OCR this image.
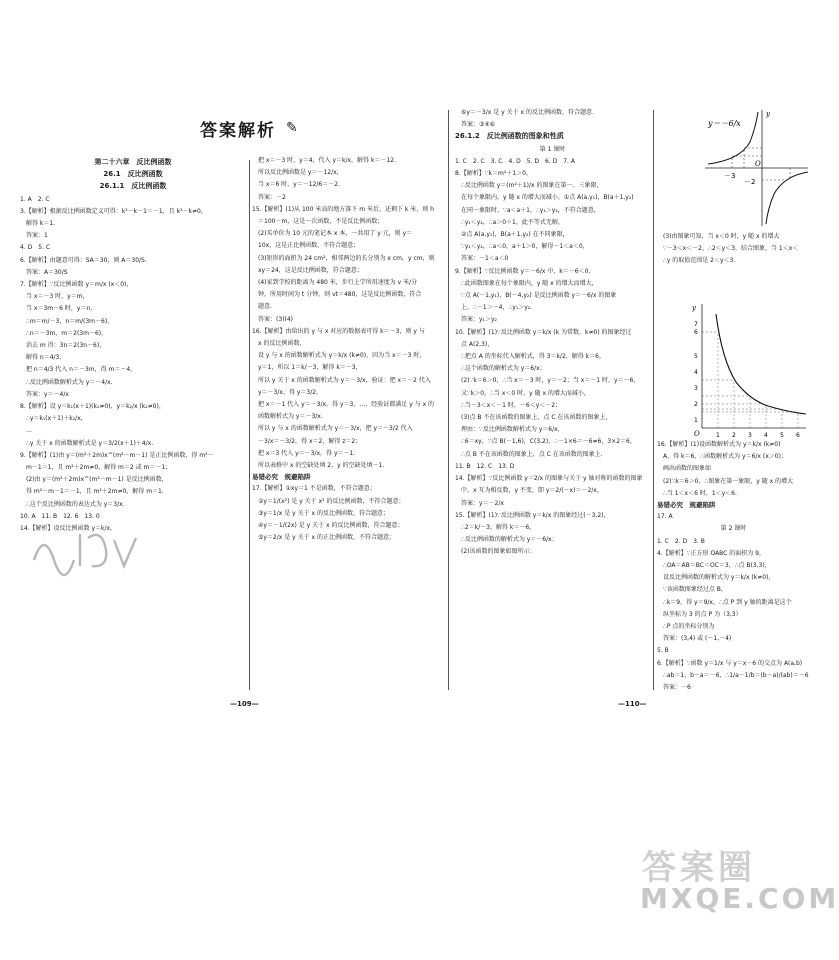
答案解析 ✎

第二十六章　反比例函数

26.1　反比例函数

26.1.1　反比例函数

1. A　2. C

3.【解析】根据反比例函数定义可得：k²－k－1＝－1，且 k²－k≠0，

　解得 k＝1.

　答案：1

4. D　5. C

6.【解析】由题意可得：SA＝30，则 A＝30/S.

　答案：A＝30/S

7.【解析】∵反比例函数 y＝m/x (x＜0)，

　当 x＝－3 时，y＝m，

　当 x＝3m－6 时，y＝n，

　∴m＝m/－3，n＝m/(3m－6)，

　∴n＝－3m，m＝2(3m－6)，

　消去 m 得：3n＝2(3n－6)，

　解得 n＝4/3.

　把 n＝4/3 代入 n＝－3m，得 m＝－4，

　∴反比例函数解析式为 y＝－4/x.

　答案：y＝－4/x

8.【解析】设 y＝k₁(x＋1)(k₁≠0)，y＝k₂/x (k₂≠0)，

　∴y＝k₁(x＋1)＋k₂/x，

　…

　∴y 关于 x 的函数解析式是 y＝3/2(x＋1)＋4/x.

9.【解析】(1)由 y＝(m²＋2m)x^(m²－m－1) 是正比例函数，得 m²－

　m－1＝1，且 m²＋2m≠0，解得 m＝2 或 m＝－1；

　(2)由 y＝(m²＋2m)x^(m²－m－1) 是反比例函数，

　得 m²－m－1＝－1，且 m²＋2m≠0，解得 m＝1.

　∴这个反比例函数的表达式为 y＝3/x.

10. A　11. B　12. 6　13. 0

14.【解析】设反比例函数 y＝k/x，

　把 x＝－3 时，y＝4，代入 y＝k/x，解得 k＝－12.

　所以反比例函数是 y＝－12/x，

　当 x＝6 时，y＝－12/6＝－2.

　答案：－2

15.【解析】(1)从 100 米高的地方落下 m 米后，还剩下 k 米，则 h

　＝100－m，这是一次函数，不是反比例函数；

　(2)买单价为 10 元的笔记本 x 本，一共用了 y 元，则 y＝

　10x，这是正比例函数，不符合题意；

　(3)矩形的面积为 24 cm²，相邻两边的长分别为 x cm，y cm，则

　xy＝24，这是反比例函数，符合题意；

　(4)家到学校的距离为 480 米，步行上学所用速度为 v 米/分

　钟，所用时间为 t 分钟，则 vt＝480，这是反比例函数，符合

　题意.

　答案：(3)(4)

16.【解析】由给出的 y 与 x 对应的数据表可得 k＝－3，则 y 与

　x 的反比例函数，

　设 y 与 x 的函数解析式为 y＝k/x (k≠0)，因为当 x＝－3 时，

　y＝1，所以 1＝k/－3，解得 k＝－3，

　所以 y 关于 x 的函数解析式为 y＝－3/x，验证：把 x＝－2 代入

　y＝－3/x，得 y＝3/2，

　把 x＝－1 代入 y＝－3/x，得 y＝3，…，经验证都满足 y 与 x 的

　函数解析式为 y＝－3/x.

　所以 y 与 x 的函数解析式为 y＝－3/x，把 y＝－3/2 代入

　－3/x＝－3/2，得 x＝2，解得 z＝2；

　把 x＝3 代入 y＝－3/x，得 y＝－1.

　所以表格中 x 的空缺处填 2，y 的空缺处填－1.

易错必究　规避陷阱

17.【解析】①xy＝1 不是函数，不符合题意；

　②y＝1/(x²) 是 y 关于 x² 的反比例函数，不符合题意；

　③y＝1/x 是 y 关于 x 的反比例函数，符合题意；

　④y＝－1/(2x) 是 y 关于 x 的反比例函数，符合题意；

　⑤y＝2/x 是 y 关于 x 的正比例函数，不符合题意；

　⑥y＝－3/x 是 y 关于 x 的反比例函数，符合题意.

　答案：③④⑥

26.1.2　反比例函数的图象和性质

第 1 课时

1. C　2. C　3. C　4. D　5. D　6. D　7. A

8.【解析】∵k＝m²＋1＞0，

　∴反比例函数 y＝(m²＋1)/x 的图象在第一、三象限，

　在每个象限内，y 随 x 的增大而减小，①点 A(a,y₁)，B(a＋1,y₂)

　在同一象限时，∵a＜a＋1，∴y₁＞y₂，不符合题意，

　∴y₁＜y₂，∴a＞0＋1，此不等式无解，

　②点 A(a,y₁)，B(a＋1,y₂) 在不同象限，

　∵y₁＜y₂，∴a＜0，a＋1＞0，解得－1＜a＜0，

　答案：－1＜a＜0

9.【解析】∵反比例函数 y＝－6/x 中，k＝－6＜0，

　∴此函数图象在每个象限内，y 随 x 的增大而增大，

　∵点 A(－1,y₁)，B(－4,y₂) 是反比例函数 y＝－6/x 的图象

　上，∴－1＞－4，∴y₁＞y₂.

　答案：y₁＞y₂

10.【解析】(1)∵反比例函数 y＝k/x (k 为常数，k≠0) 的图象经过

　点 A(2,3)，

　∴把点 A 的坐标代入解析式，得 3＝k/2，解得 k＝6，

　∴这个函数的解析式为 y＝6/x；

　(2)∵k＝6＞0，∴当 x＝－3 时，y＝－2；当 x＝－1 时，y＝－6，

　又∵k＞0，∴当 x＜0 时，y 随 x 的增大而减小，

　∴当－3＜x＜－1 时，－6＜y＜－2；

　(3)点 B 不在该函数的图象上，点 C 在该函数的图象上，

　理由：∵反比例函数解析式为 y＝6/x，

　∴6＝xy，∵点 B(－1,6)，C(3,2)，∴－1×6＝－6≠6，3×2＝6，

　∴点 B 不在该函数的图象上，点 C 在该函数的图象上.

11. B　12. C　13. D

14.【解析】∵反比例函数 y＝2/x 的图象与关于 y 轴对称的函数的图象

　中，x 互为相反数，y 不变，即 y＝2/(－x)＝－2/x，

　答案：y＝－2/x

15.【解析】(1)∵反比例函数 y＝k/x 的图象经过(－3,2)，

　∴2＝k/－3，解得 k＝－6，

　∴反比例函数的解析式为 y＝－6/x；

　(2)该函数的图象如图所示：

　(3)由图象可知，当 x＜0 时，y 随 x 的增大

　∵－3＜x＜－2，∴2＜y＜3，结合图象，当 1＜x＜

　∴y 的取值范围是 2＜y＜3.

16.【解析】(1)设函数解析式为 y＝k/x (k≠0)

　A，得 k＝6，∴函数解析式为 y＝6/x (x＞0)；

　画出函数的图象如

　(2)∵k＝6＞0，∴图象在第一象限，y 随 x 的增大

　∴当 1＜x＜6 时，1＜y＜6.

易错必究　规避陷阱

17. A

第 2 课时

1. C　2. D　3. B

4.【解析】∵正方形 OABC 的面积为 9，

　∴OA＝AB＝BC＝OC＝3，∴点 B(3,3)，

　设反比例函数的解析式为 y＝k/x (k≠0)，

　∵该函数图象经过点 B，

　∴k＝9，得 y＝9/x，∴点 P 到 y 轴的距离是这个

　纵坐标为 3 的点 P 为（3,3）

　∴P 点的坐标分别为

　答案：(3,4) 或 (－1,－4)

5. B

6.【解析】∵函数 y＝1/x 与 y＝x－6 的交点为 A(a,b)

　∴ab＝1，b－a＝－6，∴1/a－1/b＝(b－a)/(ab)＝－6

　答案：－6

—109—	—110—
y＝－6/x
y
O
－3
－2
y
O	1 2 3 4 5 6
7
6
5
4
3
2
1
答案圈
MXQE.COM
